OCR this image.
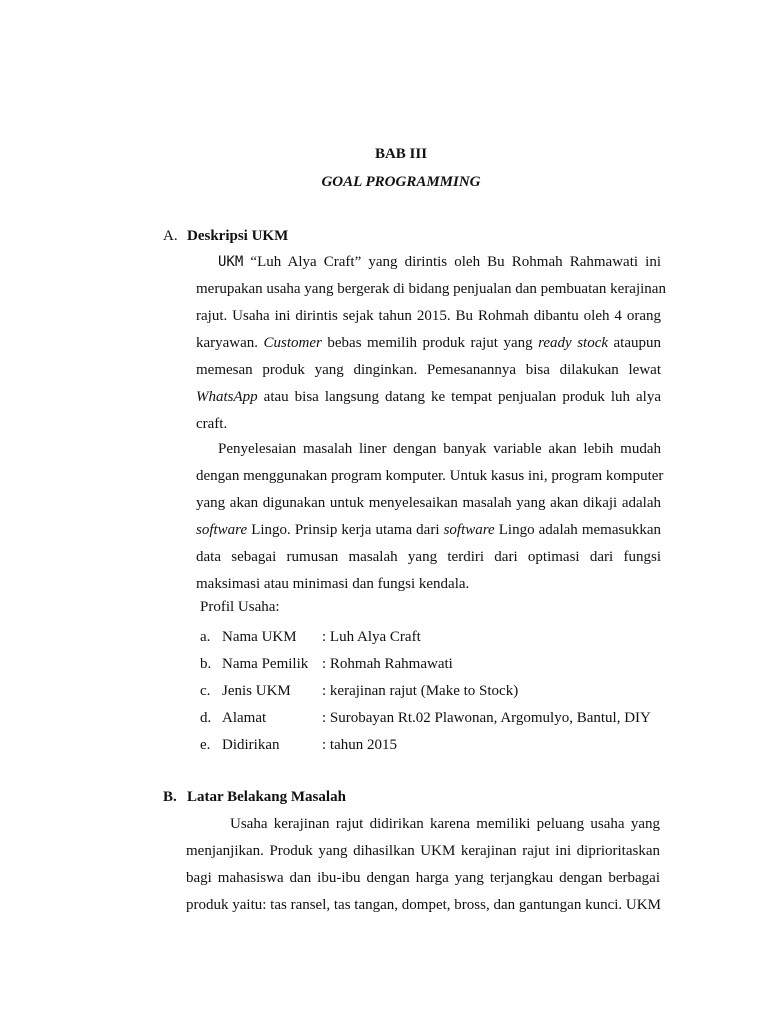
BAB III
GOAL PROGRAMMING
A. Deskripsi UKM
UKM “Luh Alya Craft” yang dirintis oleh Bu Rohmah Rahmawati ini
merupakan usaha yang bergerak di bidang penjualan dan pembuatan kerajinan
rajut. Usaha ini dirintis sejak tahun 2015. Bu Rohmah dibantu oleh 4 orang
karyawan. Customer bebas memilih produk rajut yang ready stock ataupun
memesan produk yang dinginkan. Pemesanannya bisa dilakukan lewat
WhatsApp atau bisa langsung datang ke tempat penjualan produk luh alya
craft.
Penyelesaian masalah liner dengan banyak variable akan lebih mudah
dengan menggunakan program komputer. Untuk kasus ini, program komputer
yang akan digunakan untuk menyelesaikan masalah yang akan dikaji adalah
software Lingo. Prinsip kerja utama dari software Lingo adalah memasukkan
data sebagai rumusan masalah yang terdiri dari optimasi dari fungsi
maksimasi atau minimasi dan fungsi kendala.
Profil Usaha:
a. Nama UKM : Luh Alya Craft
b. Nama Pemilik : Rohmah Rahmawati
c. Jenis UKM : kerajinan rajut (Make to Stock)
d. Alamat	: Surobayan Rt.02 Plawonan, Argomulyo, Bantul, DIY
e. Didirikan	: tahun 2015
B. Latar Belakang Masalah
Usaha kerajinan rajut didirikan karena memiliki peluang usaha yang
menjanjikan. Produk yang dihasilkan UKM kerajinan rajut ini diprioritaskan
bagi mahasiswa dan ibu-ibu dengan harga yang terjangkau dengan berbagai
produk yaitu: tas ransel, tas tangan, dompet, bross, dan gantungan kunci. UKM
